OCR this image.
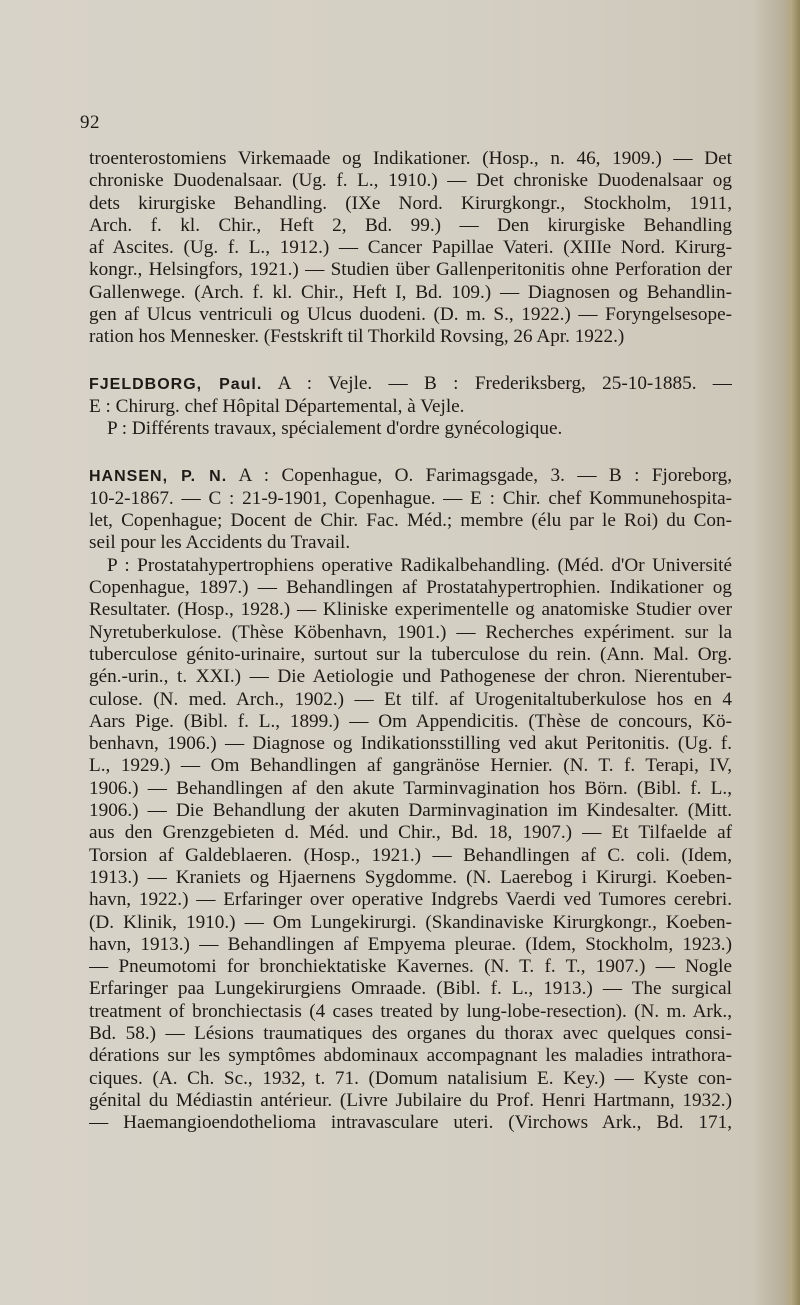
92

troenterostomiens Virkemaade og Indikationer. (Hosp., n. 46, 1909.) — Det
chroniske Duodenalsaar. (Ug. f. L., 1910.) — Det chroniske Duodenalsaar og
dets kirurgiske Behandling. (IXe Nord. Kirurgkongr., Stockholm, 1911,
Arch. f. kl. Chir., Heft 2, Bd. 99.) — Den kirurgiske Behandling
af Ascites. (Ug. f. L., 1912.) — Cancer Papillae Vateri. (XIIIe Nord. Kirurg-
kongr., Helsingfors, 1921.) — Studien über Gallenperitonitis ohne Perforation der
Gallenwege. (Arch. f. kl. Chir., Heft I, Bd. 109.) — Diagnosen og Behandlin-
gen af Ulcus ventriculi og Ulcus duodeni. (D. m. S., 1922.) — Foryngelsesope-
ration hos Mennesker. (Festskrift til Thorkild Rovsing, 26 Apr. 1922.)

FJELDBORG, Paul. A : Vejle. — B : Frederiksberg, 25-10-1885. —
E : Chirurg. chef Hôpital Départemental, à Vejle.
P : Différents travaux, spécialement d'ordre gynécologique.

HANSEN, P. N. A : Copenhague, O. Farimagsgade, 3. — B : Fjoreborg,
10-2-1867. — C : 21-9-1901, Copenhague. — E : Chir. chef Kommunehospita-
let, Copenhague; Docent de Chir. Fac. Méd.; membre (élu par le Roi) du Con-
seil pour les Accidents du Travail.
P : Prostatahypertrophiens operative Radikalbehandling. (Méd. d'Or Université
Copenhague, 1897.) — Behandlingen af Prostatahypertrophien. Indikationer og
Resultater. (Hosp., 1928.) — Kliniske experimentelle og anatomiske Studier over
Nyretuberkulose. (Thèse Köbenhavn, 1901.) — Recherches expériment. sur la
tuberculose génito-urinaire, surtout sur la tuberculose du rein. (Ann. Mal. Org.
gén.-urin., t. XXI.) — Die Aetiologie und Pathogenese der chron. Nierentuber-
culose. (N. med. Arch., 1902.) — Et tilf. af Urogenitaltuberkulose hos en 4
Aars Pige. (Bibl. f. L., 1899.) — Om Appendicitis. (Thèse de concours, Kö-
benhavn, 1906.) — Diagnose og Indikationsstilling ved akut Peritonitis. (Ug. f.
L., 1929.) — Om Behandlingen af gangränöse Hernier. (N. T. f. Terapi, IV,
1906.) — Behandlingen af den akute Tarminvagination hos Börn. (Bibl. f. L.,
1906.) — Die Behandlung der akuten Darminvagination im Kindesalter. (Mitt.
aus den Grenzgebieten d. Méd. und Chir., Bd. 18, 1907.) — Et Tilfaelde af
Torsion af Galdeblaeren. (Hosp., 1921.) — Behandlingen af C. coli. (Idem,
1913.) — Kraniets og Hjaernens Sygdomme. (N. Laerebog i Kirurgi. Koeben-
havn, 1922.) — Erfaringer over operative Indgrebs Vaerdi ved Tumores cerebri.
(D. Klinik, 1910.) — Om Lungekirurgi. (Skandinaviske Kirurgkongr., Koeben-
havn, 1913.) — Behandlingen af Empyema pleurae. (Idem, Stockholm, 1923.)
— Pneumotomi for bronchiektatiske Kavernes. (N. T. f. T., 1907.) — Nogle
Erfaringer paa Lungekirurgiens Omraade. (Bibl. f. L., 1913.) — The surgical
treatment of bronchiectasis (4 cases treated by lung-lobe-resection). (N. m. Ark.,
Bd. 58.) — Lésions traumatiques des organes du thorax avec quelques consi-
dérations sur les symptômes abdominaux accompagnant les maladies intrathora-
ciques. (A. Ch. Sc., 1932, t. 71. (Domum natalisium E. Key.) — Kyste con-
génital du Médiastin antérieur. (Livre Jubilaire du Prof. Henri Hartmann, 1932.)
— Haemangioendothelioma intravasculare uteri. (Virchows Ark., Bd. 171,
